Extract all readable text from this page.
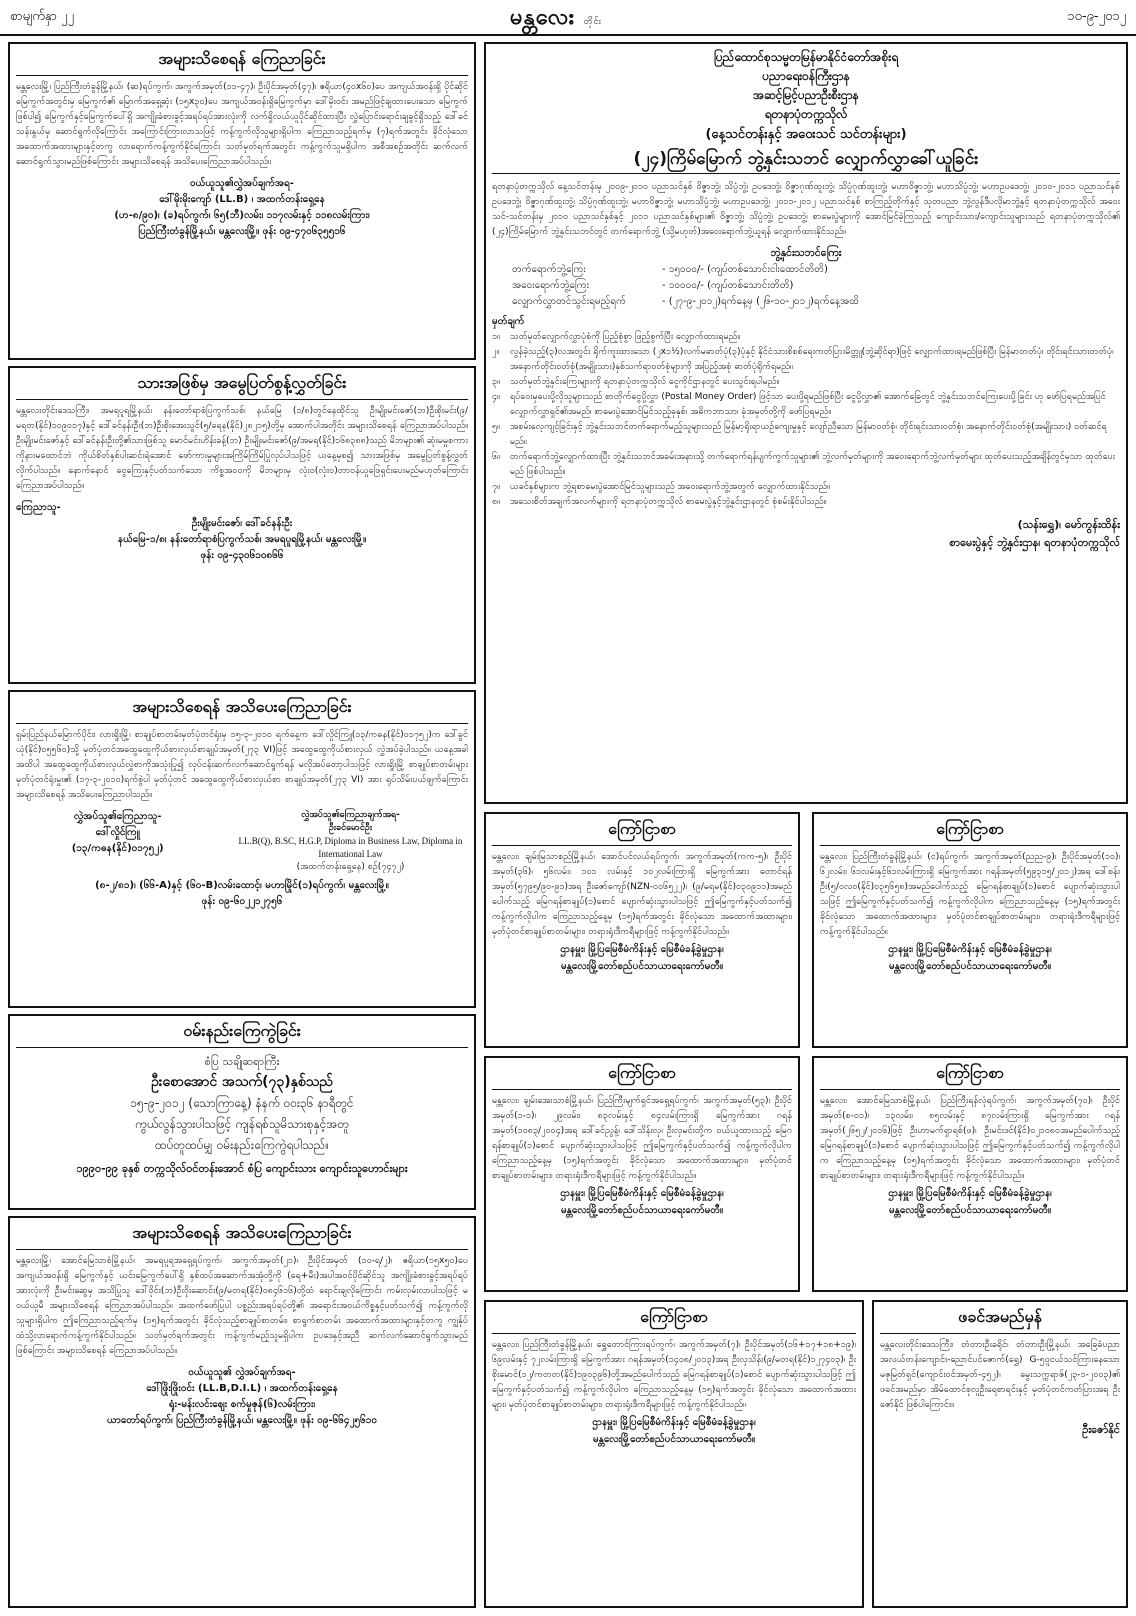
စာမျက်နှာ ၂၂	မန္တလေး တိုင်း	၁၀-၉-၂၀၁၂
အများသိစေရန် ကြေညာခြင်း
မန္တလေးမြို့၊ ပြည်ကြီးတံခွန်မြို့နယ်၊ (ဆ)ရပ်ကွက်၊ အကွက်အမှတ်(၁၁-၄၇)၊ ဦးပိုင်အမှတ်(၄၇)၊ ဧရိယာ(၄၀x၆၀)ပေ အကျယ်အဝန်းရှိ ပိုင်ဆိုင်မြေကွက်အတွင်းမှ မြေကွက်၏ မြောက်အရှေ့ဆုံး (၁၅x၃၀)ပေ အကျယ်အဝန်းရှိမြေကွက်မှာ ဒေါ်မိုးဝင်း အမည်ဖြင့်ချထားပေးသော မြေကွက်ဖြစ်ပါ၍ မြေကွက်နှင့်မြေကွက်ပေါ်ရှိ အကျိုးခံစားခွင့်အရပ်ရပ်အားလုံးကို လက်ရှိလယ်ယူပိုင်ဆိုင်ထားပြီး လွှဲပြောင်းရောင်းချခွင့်ရှိသည့် ဒေါ်ခင်သန်းနွယ်မှ ဆောင်ရွက်လိုကြောင်း အကြောင်းကြားလာသဖြင့် ကန့်ကွက်လိုသူများရှိပါက ကြေညာသည့်ရက်မှ (၇)ရက်အတွင်း ခိုင်လုံသော အထောက်အထားများနှင့်တကွ လာရောက်ကန့်ကွက်နိုင်ကြောင်း သတ်မှတ်ရက်အတွင်း ကန့်ကွက်သူမရှိပါက အစီအစဉ်အတိုင်း ဆက်လက်ဆောင်ရွက်သွားမည်ဖြစ်ကြောင်း အများသိစေရန် အသိပေးကြေညာအပ်ပါသည်။
ဝယ်ယူသူ၏လွှဲအပ်ချက်အရ-
ဒေါ်မိုးမိုးကျော် (LL.B) ၊ အထက်တန်းရှေ့နေ
(ဟ-၈/၉၀)၊ (ခ)ရပ်ကွက်၊ ၆၅(ဘီ)လမ်း၊ ၁၁၇လမ်းနှင့် ၁၁၈လမ်းကြား၊
ပြည်ကြီးတံခွန်မြို့နယ်၊ မန္တလေးမြို့။ ဖုန်း ၀၉-၄၇၀၆၃၅၅၁၆
သားအဖြစ်မှ အမွေပြတ်စွန့်လွှတ်ခြင်း
မန္တလေးတိုင်းဒေသကြီး၊ အမရပူရမြို့နယ်၊ နန်းတော်ရာစံပြကွက်သစ်၊ နယ်မြေ (၁/၈)တွင်နေထိုင်သူ ဦးမျိုးမင်းဇော်(ဘ)ဦးစိုးမင်း(၉/မရတ(နိုင်)၁၀၉၀၁၇)နှင့် ဒေါ်ခင်နန်းဦး(ဘ)ဦးစိုးအေးသွင်(၅/ခရန(နိုင်)၂၈၂၁၅)တို့မှ အောက်ပါအတိုင်း အများသိစေရန် ကြေညာအပ်ပါသည်။ ဦးမျိုးမင်းဇော်နှင့် ဒေါ်ခင်နန်းဦးတို့၏သားဖြစ်သူ မောင်မင်းဟိန်းခန့်(ဘ) ဦးမျိုးမင်းဇော်(၉/အမရ(နိုင်)၁၆၈၃၈၈)သည် မိဘများ၏ ဆုံးမမှုစကားကိုနားမထောင်ဘဲ ကိုယ်စိတ်နှစ်ပါးဆင်းရဲအောင် ဖော်ကားမှုများအကြိမ်ကြိမ်ပြုလုပ်ပါသဖြင့် ယနေ့မှစ၍ သားအဖြစ်မှ အမွေပြတ်စွန့်လွှတ်လိုက်ပါသည်။ နောက်နောင် ငွေကြေးနှင့်ပတ်သက်သော ကိစ္စအဝဝကို မိဘများမှ လုံး၀(လုံး၀)တာဝန်ယူဖြေရှင်းပေးမည်မဟုတ်ကြောင်း ကြေညာအပ်ပါသည်။
ကြေညာသူ-
ဦးမျိုးမင်းဇော်၊ ဒေါ်ခင်နန်းဦး
နယ်မြေ-၁/၈၊ နန်းတော်ရာစံပြကွက်သစ်၊ အမရပူရမြို့နယ်၊ မန္တလေးမြို့။
ဖုန်း ၀၉-၄၃၀၆၁၀၈၆၆
အများသိစေရန် အသိပေးကြေညာခြင်း
ရှမ်းပြည်နယ်မြောက်ပိုင်း၊ လားရှိုးမြို့၊ စာချုပ်စာတမ်းမှတ်ပုံတင်ရုံးမှ ၁၅-၃-၂၀၁၀ ရက်နေ့က ဒေါ်လှိုင်ကြူ(၁၃/ကဓန(နိုင်)၀၁၇၅၂)က ဒေါ်ခွင်ယုံ(နိုင်)၀၅၅၆၀)သို့ မှတ်ပုံတင်အထွေထွေကိုယ်စားလှယ်စာချုပ်အမှတ်(၂၇၃ VI)ဖြင့် အထွေထွေကိုယ်စားလှယ် လွှဲအပ်ခဲ့ပါသည်။ ယနေ့အခါအထိပါ အထွေထွေကိုယ်စားလှယ်လွှဲစာကိုအသုံးပြု၍ လုပ်ငန်းဆက်လက်ဆောင်ရွက်ရန် မလိုအပ်တော့ပါသဖြင့် လားရှိုးမြို့ စာချုပ်စာတမ်းများ မှတ်ပုံတင်ရုံးမှုး၏ (၁၇-၃-၂၀၁၀)ရက်စွဲပါ မှတ်ပုံတင် အထွေထွေကိုယ်စားလှယ်စာ စာချုပ်အမှတ်(၂၇၃ VI) အား ရုပ်သိမ်းပယ်ဖျက်ကြောင်း အများသိစေရန် အသိပေးကြေညာပါသည်။
လွှဲအပ်သူ၏ကြေညာသူ-
ဒေါ်လှိုင်ကြူ
(၁၃/ကဓန(နိုင်)၀၁၇၅၂)
လွှဲအပ်သူ၏ကြေညာချက်အရ-
ဦးခင်မောင်ဦး
LL.B(Q), B.SC, H.G.P, Diploma in Business Law, Diploma in International Law
(အထက်တန်းရှေ့နေ) စဉ်(၇၄၇၂)
(၈-၂/၈၁)၊ (၆၆-A)နှင့် (၆၀-B)လမ်းထောင့်၊ မဟာမြိုင်(၁)ရပ်ကွက်၊ မန္တလေးမြို့။
ဖုန်း ၀၉-၆၀၂၂၁၂၇၅၆
ဝမ်းနည်းကြေကွဲခြင်း
စံပြ သချိုဆရာကြီး
ဦးစောအောင် အသက်(၇၃)နှစ်သည်
၁၅-၉-၂၀၁၂ (သောကြာနေ့) နံနက် ၀၀း၃၆ နာရီတွင်
ကွယ်လွန်သွားပါသဖြင့် ကျန်ရစ်သူမိသားစုနှင့်အတူ
ထပ်တူထပ်မျှ ဝမ်းနည်းကြေကွဲရပါသည်။
၁၉၉၀-၉၉ ခုနှစ် တက္ကသိုလ်ဝင်တန်းအောင် စံပြ ကျောင်းသား ကျောင်းသူဟောင်းများ
အများသိစေရန် အသိပေးကြေညာခြင်း
မန္တလေးမြို့၊ အောင်မြေသာစံမြို့နယ်၊ အမရပူရအရှေ့ရပ်ကွက်၊ အကွက်အမှတ်(၂၁)၊ ဦးပိုင်အမှတ် (၁၀-ရ/၂)၊ ဧရိယာ(၁၅x၅၀)ပေအကျယ်အဝန်းရှိ မြေကွက်နှင့် ယင်းမြေကွက်ပေါ်ရှိ နှစ်ထပ်အဆောက်အအုံတို့ကို (ရေ+မီး)အပါအဝင်ပိုင်ဆိုင်သူ အကျိုးခံစားခွင့်အရပ်ရပ် အားလုံးကို ဦးမင်းဆွေမှ အသိပြုသူ ဒေါ်ဝိုင်း(ဘ)ဦးဝိုးဆောင်း(၉/မတရ(နိုင်)၀၈၄၆၁၆)တို့ထံ ရောင်းချလိုကြောင်း ကမ်းလှမ်းလာပါသဖြင့် မဝယ်ယူမီ အများသိစေရန် ကြေညာအပ်ပါသည်။ အထက်ဖော်ပြပါ ပစ္စည်းအရပ်ရပ်တို့၏ အရောင်းအဝယ်ကိစ္စနှင့်ပတ်သက်၍ ကန့်ကွက်လိုသူများရှိပါက ဤကြေညာသည့်ရက်မှ (၁၅)ရက်အတွင်း ခိုင်လုံသည့်စာချုပ်စာတမ်း၊ စာရွက်စာတမ်း အထောက်အထားများနှင့်တကွ ကျွန်ုပ်ထံသို့လာရောက်ကန့်ကွက်နိုင်ပါသည်။ သတ်မှတ်ရက်အတွင်း ကန့်ကွက်မည့်သူမရှိပါက ဥပဒေနှင့်အညီ ဆက်လက်ဆောင်ရွက်သွားမည်ဖြစ်ကြောင်း အများသိစေရန် ကြေညာအပ်ပါသည်။
ဝယ်ယူသူ၏ လွှဲအပ်ချက်အရ-
ဒေါ်ဖြိုးဖြိုးဝင်း (LL.B,D.I.L) ၊ အထက်တန်းရှေ့နေ
ရုံး-မန်းလင်းဈေး စက်မှုဇုန်(၆)လမ်းကြား၊
ယာတော်ရပ်ကွက်၊ ပြည်ကြီးတံခွန်မြို့နယ်၊ မန္တလေးမြို့။ ဖုန်း ၀၉-၆၆၄၂၅၆၁၀
ပြည်ထောင်စုသမ္မတမြန်မာနိုင်ငံတော်အစိုးရ
ပညာရေးဝန်ကြီးဌာန
အဆင့်မြင့်ပညာဦးစီးဌာန
ရတနာပုံတက္ကသိုလ်
(နေ့သင်တန်းနှင့် အဝေးသင် သင်တန်းများ)
(၂၄)ကြိမ်မြောက် ဘွဲ့နှင်းသဘင် လျှောက်လွှာခေါ်ယူခြင်း
ရတနာပုံတက္ကသိုလ် နေ့သင်တန်းမှ ၂၀၀၉-၂၀၁၀ ပညာသင်နှစ် ဝိဇ္ဇာဘွဲ့၊ သိပ္ပံဘွဲ့၊ ဥပဒေဘွဲ့၊ ဝိဇ္ဇာဂုဏ်ထူးဘွဲ့၊ သိပ္ပံဂုဏ်ထူးဘွဲ့၊ မဟာဝိဇ္ဇာဘွဲ့၊ မဟာသိပ္ပံဘွဲ့၊ မဟာဥပဒေဘွဲ့၊ ၂၀၁၀-၂၀၁၁ ပညာသင်နှစ် ဥပဒေဘွဲ့၊ ဝိဇ္ဇာဂုဏ်ထူးဘွဲ့၊ သိပ္ပံဂုဏ်ထူးဘွဲ့၊ မဟာဝိဇ္ဇာဘွဲ့၊ မဟာသိပ္ပံဘွဲ့၊ မဟာဥပဒေဘွဲ့၊ ၂၀၁၁-၂၀၁၂ ပညာသင်နှစ် စာကြည့်တိုက်နှင့် သုတပညာ ဘွဲ့လွန်ဒီပလိုမာဘွဲ့နှင့် ရတနာပုံတက္ကသိုလ် အဝေးသင်-သင်တန်းမှ ၂၀၁၀ ပညာသင်နှစ်နှင့် ၂၀၁၁ ပညာသင်နှစ်များ၏ ဝိဇ္ဇာဘွဲ့၊ သိပ္ပံဘွဲ့၊ ဥပဒေဘွဲ့၊ စာမေးပွဲများကို အောင်မြင်ခဲ့ကြသည့် ကျောင်းသား/ကျောင်းသူများသည် ရတနာပုံတက္ကသိုလ်၏ (၂၄)ကြိမ်မြောက် ဘွဲ့နှင်းသဘင်တွင် တက်ရောက်ဘွဲ့ (သို့မဟုတ်)အဝေးရောက်ဘွဲ့ယူရန် လျှောက်ထားနိုင်သည်။
ဘွဲ့နှင်းသဘင်ကြေး
တက်ရောက်ဘွဲ့ကြေး	- ၁၅၀၀၀/- (ကျပ်တစ်သောင်းငါးထောင်တိတိ)
အဝေးရောက်ဘွဲ့ကြေး	- ၁၀၀၀၀/- (ကျပ်တစ်သောင်းတိတိ)
လျှောက်လွှာတင်သွင်းရမည့်ရက်	- (၂၇-၉-၂၀၁၂)ရက်နေ့မှ (၂၆-၁၀-၂၀၁၂)ရက်နေ့အထိ
မှတ်ချက်
၁။	သတ်မှတ်လျှောက်လွှာပုံစံကို ပြည့်စုံစွာ ဖြည့်စွက်ပြီး လျှောက်ထားရမည်။
၂။	လွန်ခဲ့သည့်(၃)လအတွင်း ရိုက်ကူးထားသော (၂x၁½)လက်မဓာတ်ပုံ(၃)ပုံနှင့် နိုင်ငံသားစိစစ်ရေးကတ်ပြားမိတ္တူ(ဘွဲ့ဆိုင်ရာ)ဖြင့် လျှောက်ထားရမည်ဖြစ်ပြီး မြန်မာတတ်ပုံ၊ တိုင်းရင်းသားတတ်ပုံ၊ အနောက်တိုင်းဝတ်စုံ(အမျိုးသား)နှစ်သက်ရာဝတ်စုံများကို အပြည့်အစုံ ဓာတ်ပုံရိုက်ရမည်။
၃။	သတ်မှတ်ဘွဲ့နှင်းကြေးများကို ရတနာပုံတက္ကသိုလ် ငွေကိုင်ဌာနတွင် ပေးသွင်းရပါမည်။
၄။	ရပ်ဝေးမှပေးပို့လိုသူများသည် စာတိုက်ငွေပို့လွှာ (Postal Money Order) ဖြင့်သာ ပေးပို့ရမည်ဖြစ်ပြီး ငွေပို့လွှာ၏ အောက်ခြေတွင် ဘွဲ့နှင်းသဘင်ကြေးပေးပို့ခြင်း ဟု ဖော်ပြရမည်အပြင် လျှောက်လွှာရှင်၏အမည်၊ စာမေးပွဲအောင်မြင်သည့်ခုနှစ်၊ အဓိကဘာသာ၊ ခုံအမှတ်တို့ကို ဖော်ပြရမည်။
၅။	အစမ်းလေ့ကျင့်ခြင်းနှင့် ဘွဲ့နှင်းသဘင်တက်ရောက်မည့်သူများသည် မြန်မာ့ရိုးရာယဉ်ကျေးမှုနှင့် လျော်ညီသော မြန်မာဝတ်စုံ၊ တိုင်းရင်းသားဝတ်စုံ၊ အနောက်တိုင်းဝတ်စုံ(အမျိုးသား) ဝတ်ဆင်ရမည်။
၆။	တက်ရောက်ဘွဲ့လျှောက်ထားပြီး ဘွဲ့နှင်းသဘင်အခမ်းအနားသို့ တက်ရောက်ရန်ပျက်ကွက်သူများ၏ ဘွဲ့လက်မှတ်များကို အဝေးရောက်ဘွဲ့လက်မှတ်များ ထုတ်ပေးသည့်အချိန်တွင်မှသာ ထုတ်ပေးမည် ဖြစ်ပါသည်။
၇။	ယခင်နှစ်များက ဘွဲ့ရစာမေးပွဲအောင်မြင်သူများသည် အဝေးရောက်ဘွဲ့အတွက် လျှောက်ထားနိုင်သည်။
၈။	အသေးစိတ်အချက်အလက်များကို ရတနာပုံတက္ကသိုလ် စာမေးပွဲနှင့်ဘွဲ့နှင်းဌာနတွင် စုံစမ်းနိုင်ပါသည်။
(သန်းရွှေ)၊ မော်ကွန်းထိန်း
စာမေးပွဲနှင့် ဘွဲ့နှင်းဌာန၊ ရတနာပုံတက္ကသိုလ်
ကြော်ငြာစာ
မန္တလေး၊ ချမ်းမြသာစည်မြို့နယ်၊ အောင်ပင်လယ်ရပ်ကွက်၊ အကွက်အမှတ်(ကက-၅)၊ ဦးပိုင်အမှတ်(၃၆)၊ ၅၆လမ်း၊ ၁၀၁ လမ်းနှင့် ၁၀၂လမ်းကြားရှိ မြေကွက်အား တောင်ရန်အမှတ်(၅၇၉၅/၉၀-၉၁)အရ ဦးဇော်ကျော်(NZN-၀၀၆၅၂၂)၊ (၉/မရမ(နိုင်)၀၃၀၉၁၁)အမည်ပေါက်သည့် မြေဂရန်စာချုပ်(၁)စောင် ပျောက်ဆုံးသွားပါသဖြင့် ဤမြေကွက်နှင့်ပတ်သက်၍ ကန့်ကွက်လိုပါက ကြေညာသည့်နေ့မှ (၁၅)ရက်အတွင်း ခိုင်လုံသော အထောက်အထားများ၊ မှတ်ပုံတင်စာချုပ်စာတမ်းများ၊ တရားရုံးဒီကရီများဖြင့် ကန့်ကွက်နိုင်ပါသည်။
ဌာနမှူး၊ မြို့ပြမြေစီမံကိန်းနှင့် မြေစီမံခန့်ခွဲမှုဌာန၊
မန္တလေးမြို့တော်စည်ပင်သာယာရေးကော်မတီ။
ကြော်ငြာစာ
မန္တလေး၊ ပြည်ကြီးတံခွန်မြို့နယ်၊ (င)ရပ်ကွက်၊ အကွက်အမှတ်(ညည-၉)၊ ဦးပိုင်အမှတ်(၁၀)၊ ၆၂လမ်း၊ ၆၁လမ်းနှင့်၆၁လမ်းကြားရှိ မြေကွက်အား ဂရန်အမှတ်(၅၉၃၁၅/၂၀၁၂)အရ ဒေါ်စန်းဦး(၅/ဝလဝ(နိုင်)၀၃၅၆၅၈)အမည်ပေါက်သည့် မြေဂရန်စာချုပ်(၁)စောင် ပျောက်ဆုံးသွားပါသဖြင့် ဤမြေကွက်နှင့်ပတ်သက်၍ ကန့်ကွက်လိုပါက ကြေညာသည့်နေ့မှ (၁၅)ရက်အတွင်း ခိုင်လုံသော အထောက်အထားများ၊ မှတ်ပုံတင်စာချုပ်စာတမ်းများ၊ တရားရုံးဒီကရီများဖြင့် ကန့်ကွက်နိုင်ပါသည်။
ဌာနမှူး၊ မြို့ပြမြေစီမံကိန်းနှင့် မြေစီမံခန့်ခွဲမှုဌာန၊
မန္တလေးမြို့တော်စည်ပင်သာယာရေးကော်မတီ။
ကြော်ငြာစာ
မန္တလေး၊ ချမ်းအေးသာစံမြို့နယ်၊ ပြည်ကြီးမျက်ရှင်အရှေ့ရပ်ကွက်၊ အကွက်အမှတ်(၅၃)၊ ဦးပိုင်အမှတ်(၁-၁)၊ ၂၉လမ်း၊ ၈၃လမ်းနှင့် ၈၄လမ်းကြားရှိ မြေကွက်အား ဂရန်အမှတ်(၁၀၈၃/၂၀၀၄)အရ ဒေါ်ခင်ညွန့်၊ ဒေါ်သိန်းလှ၊ ဦးလှမင်းတို့က ဝယ်ယူထားသည့် မြေဂရန်စာချုပ်(၁)စောင် ပျောက်ဆုံးသွားပါသဖြင့် ဤမြေကွက်နှင့်ပတ်သက်၍ ကန့်ကွက်လိုပါက ကြေညာသည့်နေ့မှ (၁၅)ရက်အတွင်း ခိုင်လုံသော အထောက်အထားများ၊ မှတ်ပုံတင်စာချုပ်စာတမ်းများ၊ တရားရုံးဒီကရီများဖြင့် ကန့်ကွက်နိုင်ပါသည်။
ဌာနမှူး၊ မြို့ပြမြေစီမံကိန်းနှင့် မြေစီမံခန့်ခွဲမှုဌာန၊
မန္တလေးမြို့တော်စည်ပင်သာယာရေးကော်မတီ။
ကြော်ငြာစာ
မန္တလေး၊ အောင်မြေသာစံမြို့နယ်၊ ပြည်ကြီးရန်လုံရပ်ကွက်၊ အကွက်အမှတ်(၇၀)၊ ဦးပိုင်အမှတ်(စ-၀၁)၊ ၁၃လမ်း၊ ၈၅လမ်းနှင့် ၈၇လမ်းကြားရှိ မြေကွက်အား ဂရန်အမှတ်(၂၆၅၂/၂၀၁၆)ဖြင့် ဦးဟာမက်ရှာရစ်(ဖ)၊ ဦးမင်းဒင်(နိုင်)၀၂၁၀၈၀အမည်ပေါက်သည့် မြေဂရန်စာချုပ်(၁)စောင် ပျောက်ဆုံးသွားပါသဖြင့် ဤမြေကွက်နှင့်ပတ်သက်၍ ကန့်ကွက်လိုပါက ကြေညာသည့်နေ့မှ (၁၅)ရက်အတွင်း ခိုင်လုံသော အထောက်အထားများ၊ မှတ်ပုံတင်စာချုပ်စာတမ်းများ၊ တရားရုံးဒီကရီများဖြင့် ကန့်ကွက်နိုင်ပါသည်။
ဌာနမှူး၊ မြို့ပြမြေစီမံကိန်းနှင့် မြေစီမံခန့်ခွဲမှုဌာန၊
မန္တလေးမြို့တော်စည်ပင်သာယာရေးကော်မတီ။
ကြော်ငြာစာ
မန္တလေး၊ ပြည်ကြီးတံခွန်မြို့နယ်၊ ရွှေတောင်ကြားရပ်ကွက်၊ အကွက်အမှတ်(၇)၊ ဦးပိုင်အမှတ်(၁၆+၁၇+၁၈+၁၉)၊ ၆၉လမ်းနှင့် ၇၂လမ်းကြားရှိ မြေကွက်အား ဂရန်အမှတ်(၁၄၀၈/၂၀၁၃)အရ ဦးလှသိန်း(၉/မတရ(နိုင်)၁၂၇၄၀၃)၊ ဦးစိုးမောင်(၁၂/ကတတ(နိုင်)၁၉၀၃၉၆)တို့အမည်ပေါက်သည့် မြေဂရန်စာချုပ်(၁)စောင် ပျောက်ဆုံးသွားပါသဖြင့် ဤမြေကွက်နှင့်ပတ်သက်၍ ကန့်ကွက်လိုပါက ကြေညာသည့်နေ့မှ (၁၅)ရက်အတွင်း ခိုင်လုံသော အထောက်အထားများ၊ မှတ်ပုံတင်စာချုပ်စာတမ်းများ၊ တရားရုံးဒီကရီများဖြင့် ကန့်ကွက်နိုင်ပါသည်။
ဌာနမှူး၊ မြို့ပြမြေစီမံကိန်းနှင့် မြေစီမံခန့်ခွဲမှုဌာန၊
မန္တလေးမြို့တော်စည်ပင်သာယာရေးကော်မတီ။
ဖခင်အမည်မှန်
မန္တလေးတိုင်းဒေသကြီး၊ တံတားဦးခရိုင်၊ တံတားဦးမြို့နယ်၊ အခြေခံပညာအလယ်တန်းကျောင်း-ညောင်ပင်ဇောက်(ရွှေ) G-၅ဝူငယ်သင်ကြားနေသော မဇုမြတ်ရှင်(ကျောင်းဝင်အမှတ်-၄၅၂)၊ မွေးသက္ကရာဇ်(၂၃-၁-၂၀၀၃)၏ ဖခင်အမည်မှာ အိမ်ထောင်စုလူဦးရေစာရင်းနှင့် မှတ်ပုံတင်ကတ်ပြားအရ ဦးဇော်နိုင် ဖြစ်ပါကြောင်း။
ဦးဇော်နိုင်
